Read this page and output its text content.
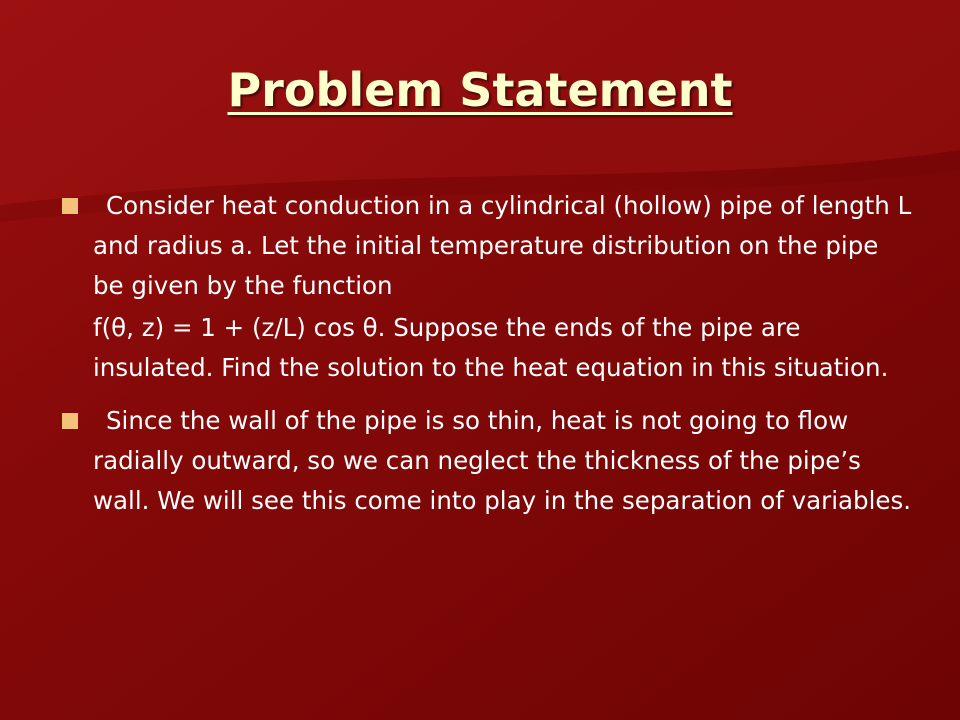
Problem Statement
Consider heat conduction in a cylindrical (hollow) pipe of length L and radius a. Let the initial temperature distribution on the pipe be given by the function
f(θ, z) = 1 + (z/L) cos θ. Suppose the ends of the pipe are insulated. Find the solution to the heat equation in this situation.
Since the wall of the pipe is so thin, heat is not going to flow radially outward, so we can neglect the thickness of the pipe’s wall. We will see this come into play in the separation of variables.
